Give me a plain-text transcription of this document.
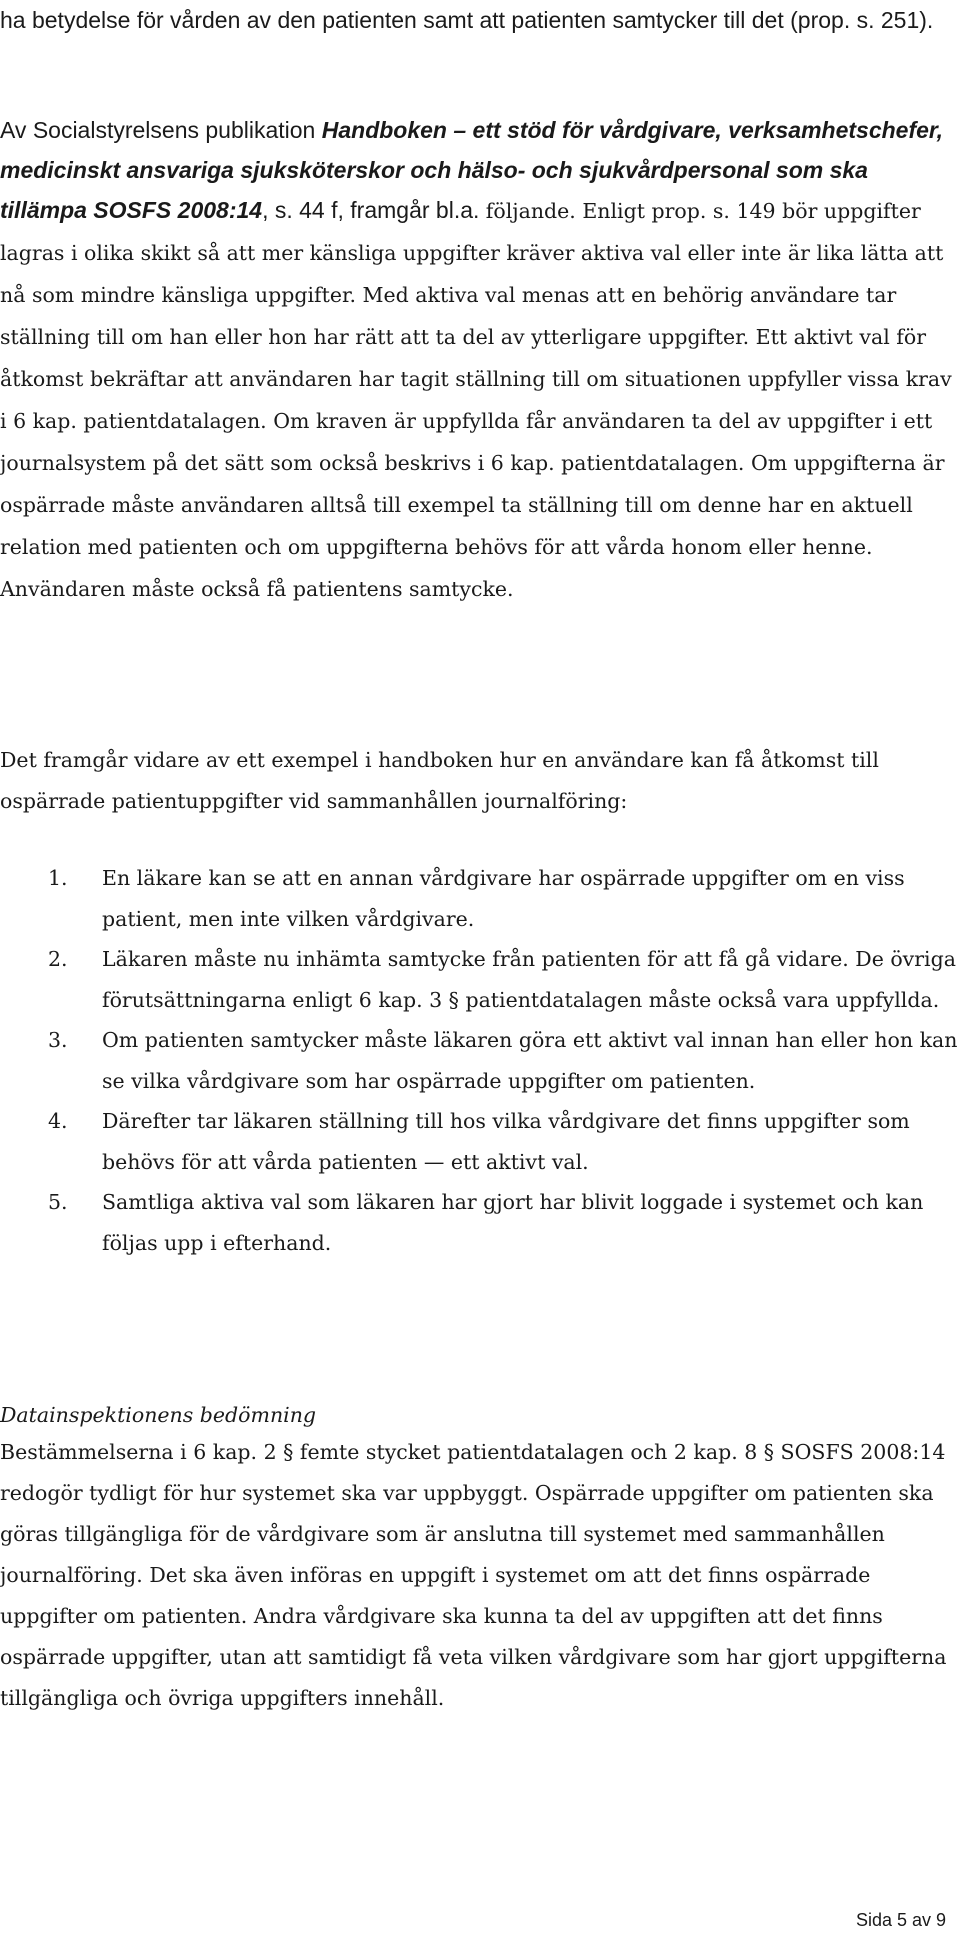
ha betydelse för vården av den patienten samt att patienten samtycker till det (prop. s. 251).

Av Socialstyrelsens publikation Handboken – ett stöd för vårdgivare, verksamhetschefer, medicinskt ansvariga sjuksköterskor och hälso- och sjukvårdpersonal som ska tillämpa SOSFS 2008:14, s. 44 f, framgår bl.a. följande. Enligt prop. s. 149 bör uppgifter lagras i olika skikt så att mer känsliga uppgifter kräver aktiva val eller inte är lika lätta att nå som mindre känsliga uppgifter. Med aktiva val menas att en behörig användare tar ställning till om han eller hon har rätt att ta del av ytterligare uppgifter. Ett aktivt val för åtkomst bekräftar att användaren har tagit ställning till om situationen uppfyller vissa krav i 6 kap. patientdatalagen. Om kraven är uppfyllda får användaren ta del av uppgifter i ett journalsystem på det sätt som också beskrivs i 6 kap. patientdatalagen. Om uppgifterna är ospärrade måste användaren alltså till exempel ta ställning till om denne har en aktuell relation med patienten och om uppgifterna behövs för att vårda honom eller henne. Användaren måste också få patientens samtycke.

Det framgår vidare av ett exempel i handboken hur en användare kan få åtkomst till ospärrade patientuppgifter vid sammanhållen journalföring:

1. En läkare kan se att en annan vårdgivare har ospärrade uppgifter om en viss patient, men inte vilken vårdgivare.
2. Läkaren måste nu inhämta samtycke från patienten för att få gå vidare. De övriga förutsättningarna enligt 6 kap. 3 § patientdatalagen måste också vara uppfyllda.
3. Om patienten samtycker måste läkaren göra ett aktivt val innan han eller hon kan se vilka vårdgivare som har ospärrade uppgifter om patienten.
4. Därefter tar läkaren ställning till hos vilka vårdgivare det finns uppgifter som behövs för att vårda patienten — ett aktivt val.
5. Samtliga aktiva val som läkaren har gjort har blivit loggade i systemet och kan följas upp i efterhand.
Datainspektionens bedömning

Bestämmelserna i 6 kap. 2 § femte stycket patientdatalagen och 2 kap. 8 § SOSFS 2008:14 redogör tydligt för hur systemet ska var uppbyggt. Ospärrade uppgifter om patienten ska göras tillgängliga för de vårdgivare som är anslutna till systemet med sammanhållen journalföring. Det ska även införas en uppgift i systemet om att det finns ospärrade uppgifter om patienten. Andra vårdgivare ska kunna ta del av uppgiften att det finns ospärrade uppgifter, utan att samtidigt få veta vilken vårdgivare som har gjort uppgifterna tillgängliga och övriga uppgifters innehåll.

Sida 5 av 9
